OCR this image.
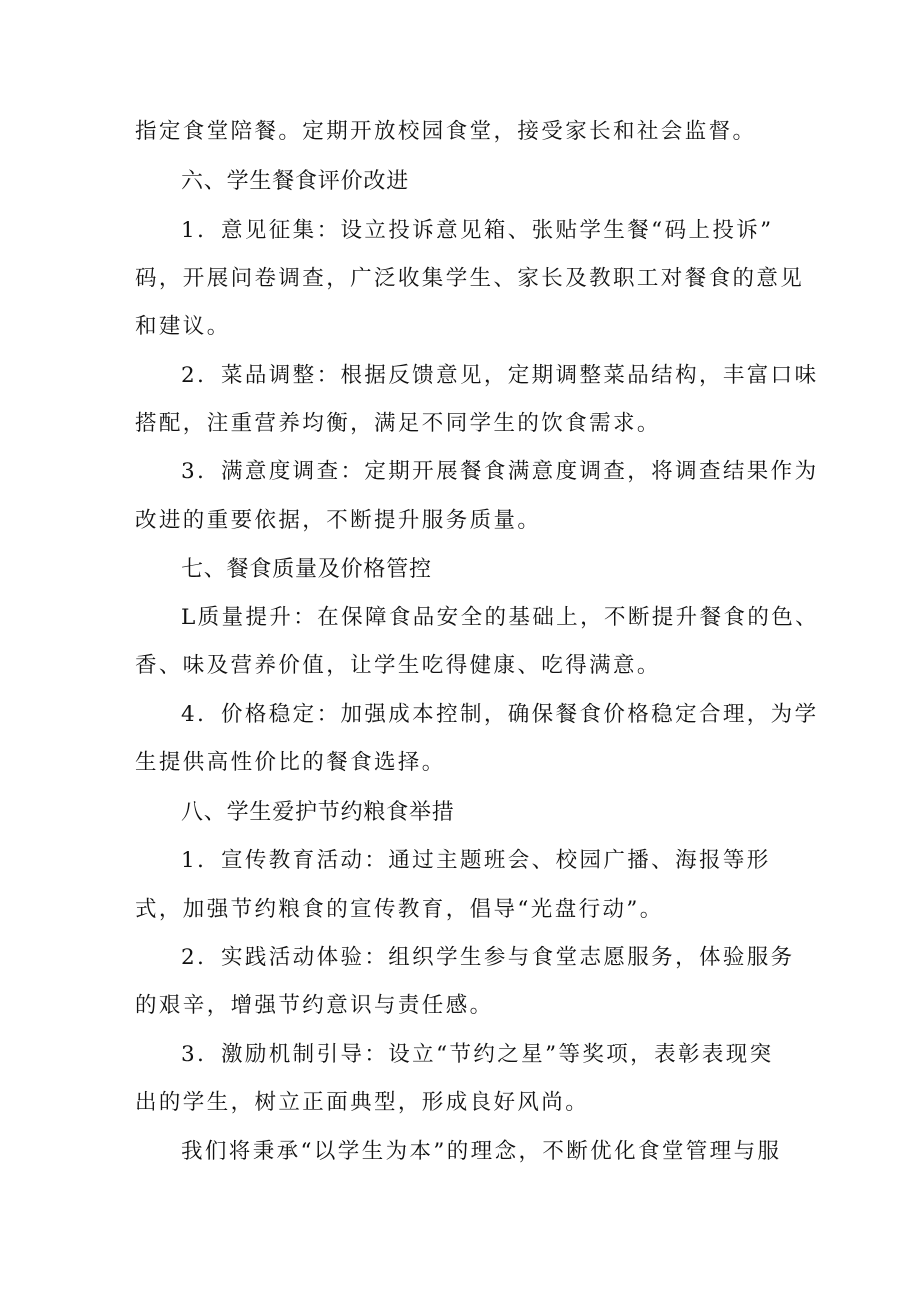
指定食堂陪餐。定期开放校园食堂，接受家长和社会监督。
六、学生餐食评价改进
1．意见征集：设立投诉意见箱、张贴学生餐“码上投诉”
码，开展问卷调查，广泛收集学生、家长及教职工对餐食的意见
和建议。
2．菜品调整：根据反馈意见，定期调整菜品结构，丰富口味
搭配，注重营养均衡，满足不同学生的饮食需求。
3．满意度调查：定期开展餐食满意度调查，将调查结果作为
改进的重要依据，不断提升服务质量。
七、餐食质量及价格管控
L质量提升：在保障食品安全的基础上，不断提升餐食的色、
香、味及营养价值，让学生吃得健康、吃得满意。
4．价格稳定：加强成本控制，确保餐食价格稳定合理，为学
生提供高性价比的餐食选择。
八、学生爱护节约粮食举措
1．宣传教育活动：通过主题班会、校园广播、海报等形
式，加强节约粮食的宣传教育，倡导“光盘行动”。
2．实践活动体验：组织学生参与食堂志愿服务，体验服务
的艰辛，增强节约意识与责任感。
3．激励机制引导：设立“节约之星”等奖项，表彰表现突
出的学生，树立正面典型，形成良好风尚。
我们将秉承“以学生为本”的理念，不断优化食堂管理与服
